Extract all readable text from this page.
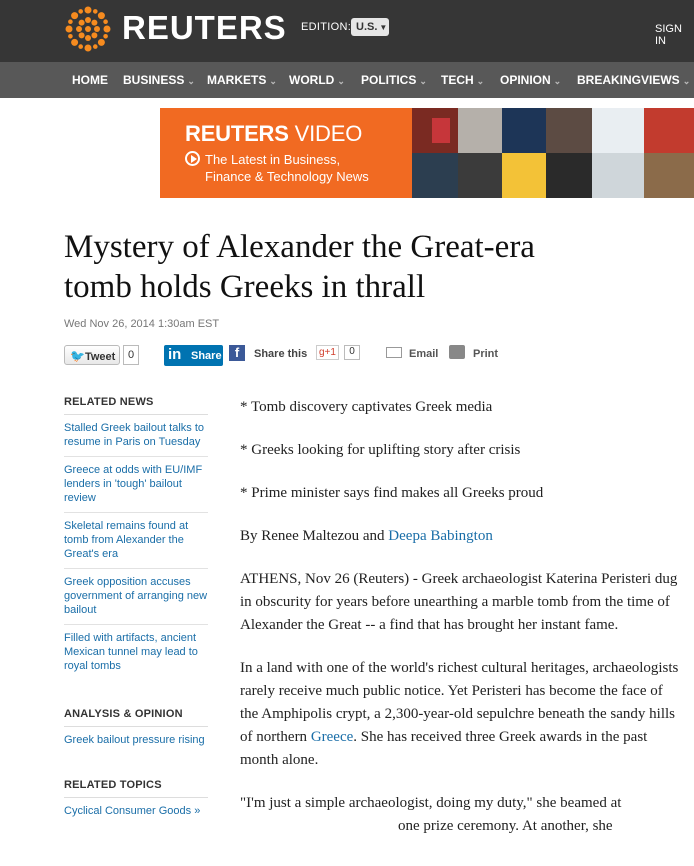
REUTERS EDITION: U.S. ▼	SIGN IN
HOME BUSINESS ⌄ MARKETS ⌄ WORLD ⌄ POLITICS ⌄ TECH ⌄ OPINION ⌄ BREAKINGVIEWS ⌄
REUTERS VIDEO
The Latest in Business,
Finance & Technology News
Mystery of Alexander the Great-era
tomb holds Greeks in thrall
Wed Nov 26, 2014 1:30am EST
🐦Tweet	0	in Share	f	Share this	g+1	0	Email	Print
RELATED NEWS
Stalled Greek bailout talks to resume in Paris on Tuesday
Greece at odds with EU/IMF lenders in 'tough' bailout review
Skeletal remains found at tomb from Alexander the Great's era
Greek opposition accuses government of arranging new bailout
Filled with artifacts, ancient Mexican tunnel may lead to royal tombs
ANALYSIS & OPINION
Greek bailout pressure rising
RELATED TOPICS
Cyclical Consumer Goods »

* Tomb discovery captivates Greek media

* Greeks looking for uplifting story after crisis

* Prime minister says find makes all Greeks proud

By Renee Maltezou and Deepa Babington

ATHENS, Nov 26 (Reuters) - Greek archaeologist Katerina Peristeri dug in obscurity for years before unearthing a marble tomb from the time of Alexander the Great -- a find that has brought her instant fame.

In a land with one of the world's richest cultural heritages, archaeologists rarely receive much public notice. Yet Peristeri has become the face of the Amphipolis crypt, a 2,300-year-old sepulchre beneath the sandy hills of northern Greece. She has received three Greek awards in the past month alone.

"I'm just a simple archaeologist, doing my duty," she beamed at
one prize ceremony. At another, she
